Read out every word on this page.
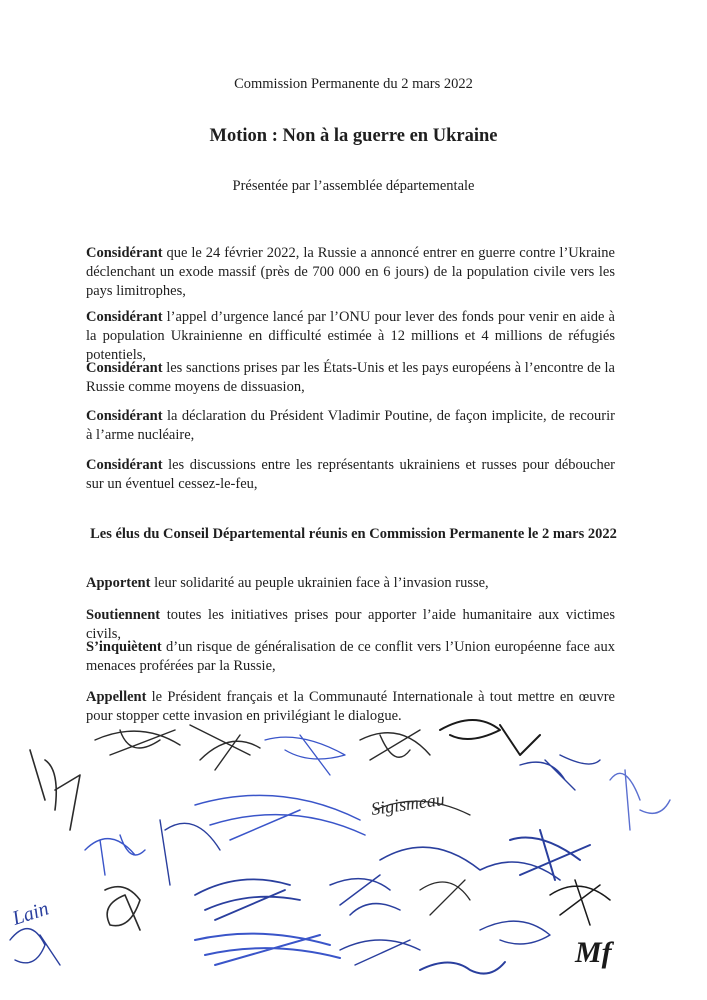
Commission Permanente du 2 mars 2022
Motion : Non à la guerre en Ukraine
Présentée par l’assemblée départementale
Considérant que le 24 février 2022, la Russie a annoncé entrer en guerre contre l’Ukraine déclenchant un exode massif (près de 700 000 en 6 jours) de la population civile vers les pays limitrophes,
Considérant l’appel d’urgence lancé par l’ONU pour lever des fonds pour venir en aide à la population Ukrainienne en difficulté estimée à 12 millions et 4 millions de réfugiés potentiels,
Considérant les sanctions prises par les États-Unis et les pays européens à l’encontre de la Russie comme moyens de dissuasion,
Considérant la déclaration du Président Vladimir Poutine, de façon implicite, de recourir à l’arme nucléaire,
Considérant les discussions entre les représentants ukrainiens et russes pour déboucher sur un éventuel cessez-le-feu,
Les élus du Conseil Départemental réunis en Commission Permanente le 2 mars 2022
Apportent leur solidarité au peuple ukrainien face à l’invasion russe,
Soutiennent toutes les initiatives prises pour apporter l’aide humanitaire aux victimes civils,
S’inquiètent d’un risque de généralisation de ce conflit vers l’Union européenne face aux menaces proférées par la Russie,
Appellent le Président français et la Communauté Internationale à tout mettre en œuvre pour stopper cette invasion en privilégiant le dialogue.
Sigismeau
Lain
Mf
